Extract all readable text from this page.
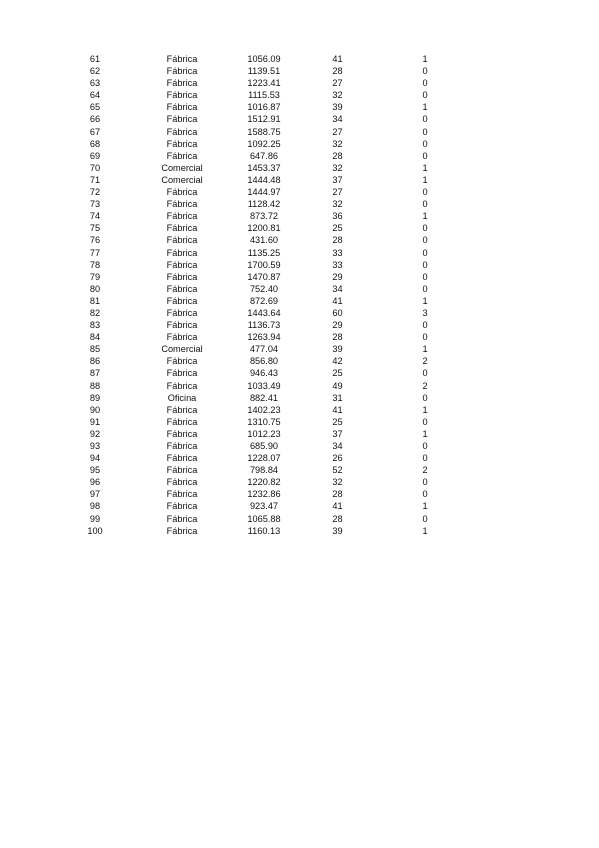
61	Fábrica	1056.09	41	1
62	Fábrica	1139.51	28	0
63	Fábrica	1223.41	27	0
64	Fábrica	1115.53	32	0
65	Fábrica	1016.87	39	1
66	Fábrica	1512.91	34	0
67	Fábrica	1588.75	27	0
68	Fábrica	1092.25	32	0
69	Fábrica	647.86	28	0
70	Comercial	1453.37	32	1
71	Comercial	1444.48	37	1
72	Fábrica	1444.97	27	0
73	Fábrica	1128.42	32	0
74	Fábrica	873.72	36	1
75	Fábrica	1200.81	25	0
76	Fábrica	431.60	28	0
77	Fábrica	1135.25	33	0
78	Fábrica	1700.59	33	0
79	Fábrica	1470.87	29	0
80	Fábrica	752.40	34	0
81	Fábrica	872.69	41	1
82	Fábrica	1443.64	60	3
83	Fábrica	1136.73	29	0
84	Fábrica	1263.94	28	0
85	Comercial	477.04	39	1
86	Fábrica	856.80	42	2
87	Fábrica	946.43	25	0
88	Fábrica	1033.49	49	2
89	Oficina	882.41	31	0
90	Fábrica	1402.23	41	1
91	Fábrica	1310.75	25	0
92	Fábrica	1012.23	37	1
93	Fábrica	685.90	34	0
94	Fábrica	1228.07	26	0
95	Fábrica	798.84	52	2
96	Fábrica	1220.82	32	0
97	Fábrica	1232.86	28	0
98	Fábrica	923.47	41	1
99	Fábrica	1065.88	28	0
100	Fábrica	1160.13	39	1
